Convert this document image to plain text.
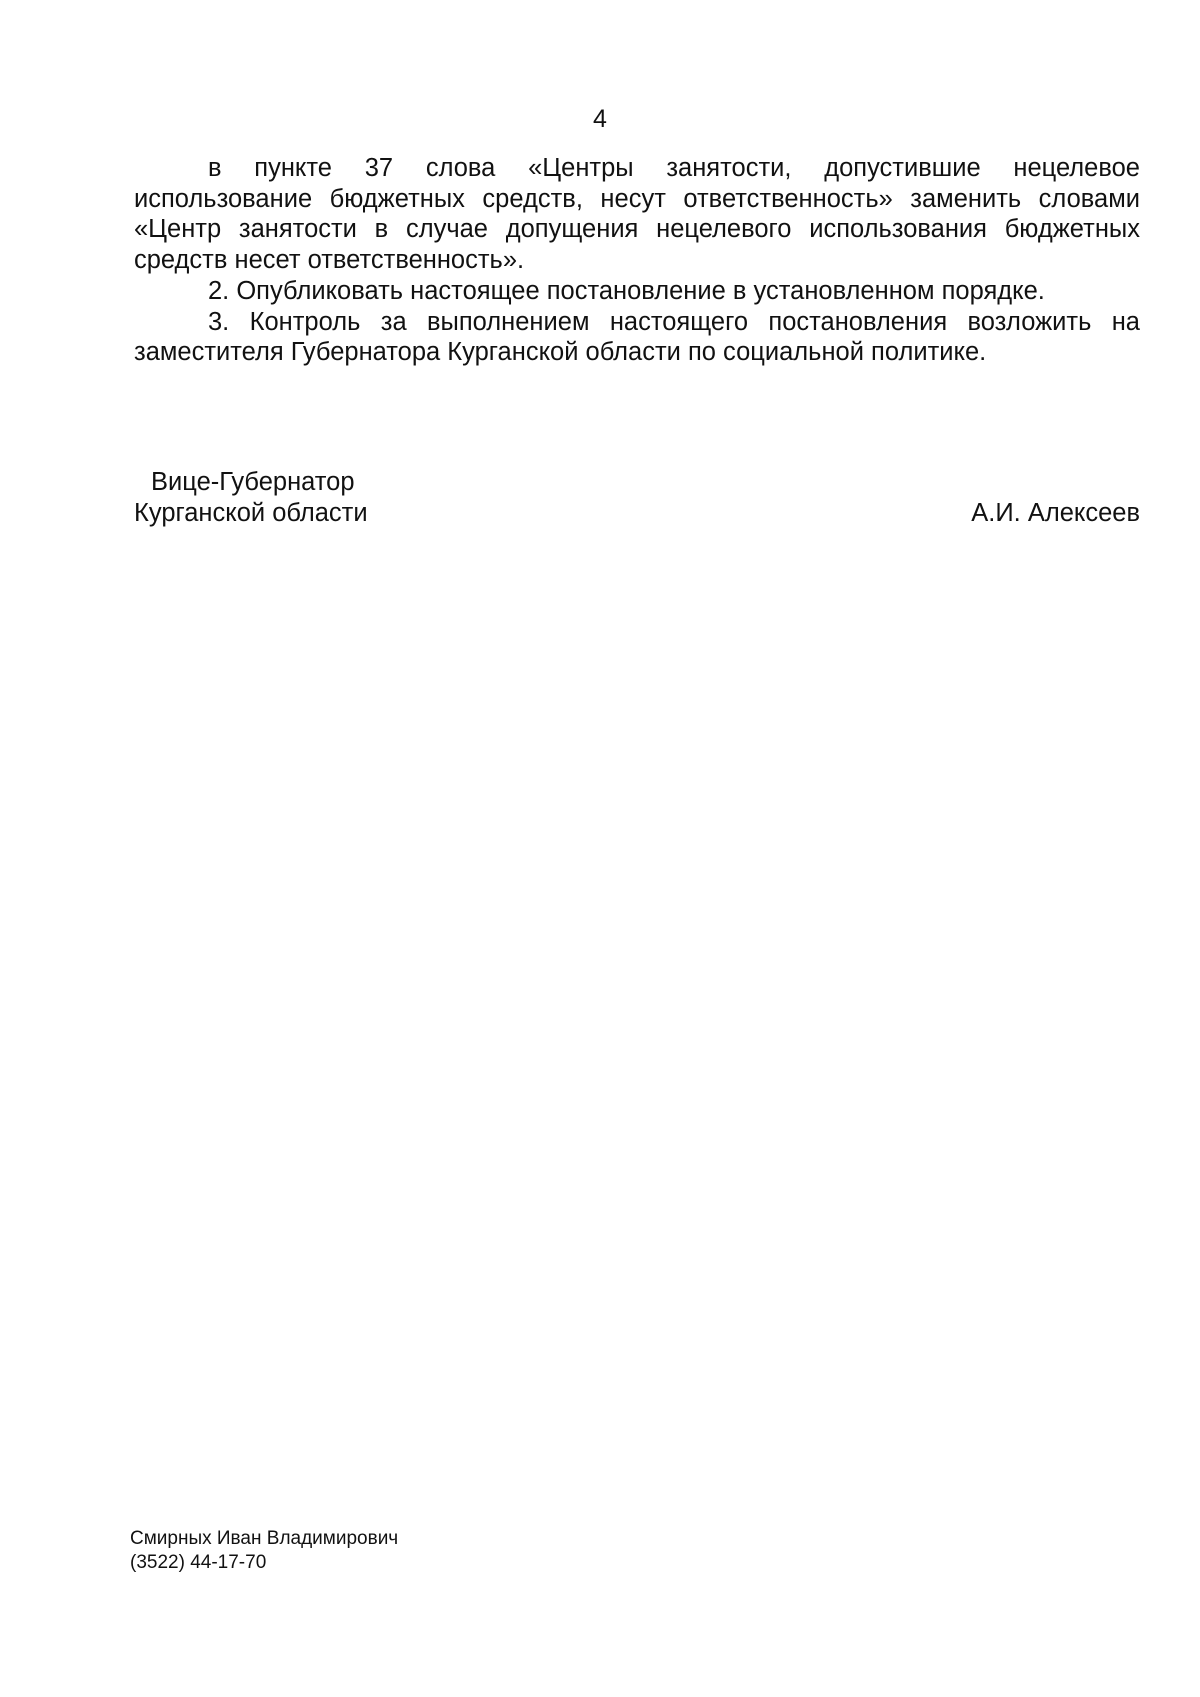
4

в пункте 37 слова «Центры занятости, допустившие нецелевое использование бюджетных средств, несут ответственность» заменить словами «Центр занятости в случае допущения нецелевого использования бюджетных средств несет ответственность».

2. Опубликовать настоящее постановление в установленном порядке.

3. Контроль за выполнением настоящего постановления возложить на заместителя Губернатора Курганской области по социальной политике.

Вице-Губернатор
Курганской области	А.И. Алексеев
Смирных Иван Владимирович
(3522) 44-17-70
